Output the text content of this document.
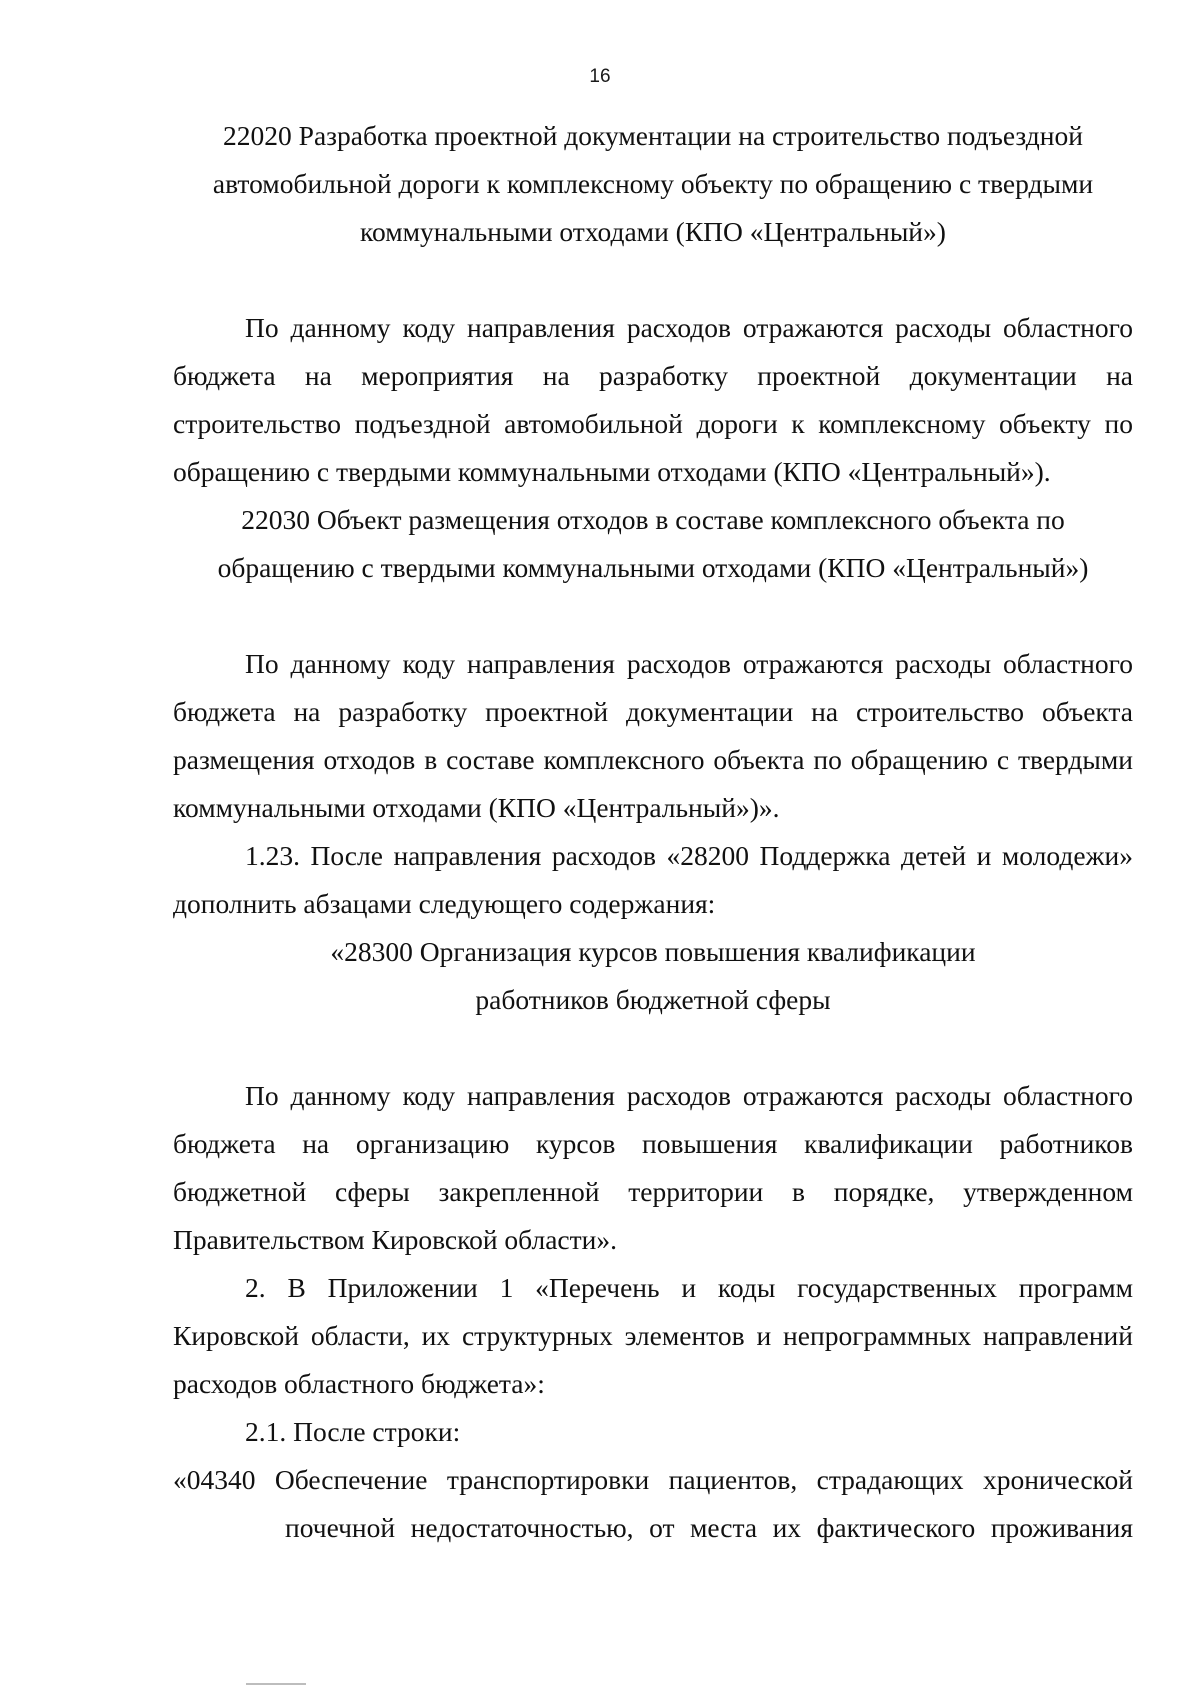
16

22020 Разработка проектной документации на строительство подъездной
автомобильной дороги к комплексному объекту по обращению с твердыми
коммунальными отходами (КПО «Центральный»)

По данному коду направления расходов отражаются расходы областного бюджета на мероприятия на разработку проектной документации на строительство подъездной автомобильной дороги к комплексному объекту по обращению с твердыми коммунальными отходами (КПО «Центральный»).

22030 Объект размещения отходов в составе комплексного объекта по
обращению с твердыми коммунальными отходами (КПО «Центральный»)

По данному коду направления расходов отражаются расходы областного бюджета на разработку проектной документации на строительство объекта размещения отходов в составе комплексного объекта по обращению с твердыми коммунальными отходами (КПО «Центральный»)».

1.23. После направления расходов «28200 Поддержка детей и молодежи» дополнить абзацами следующего содержания:

«28300 Организация курсов повышения квалификации
работников бюджетной сферы

По данному коду направления расходов отражаются расходы областного бюджета на организацию курсов повышения квалификации работников бюджетной сферы закрепленной территории в порядке, утвержденном Правительством Кировской области».

2. В Приложении 1 «Перечень и коды государственных программ Кировской области, их структурных элементов и непрограммных направлений расходов областного бюджета»:

2.1. После строки:

«04340 Обеспечение транспортировки пациентов, страдающих хронической
почечной недостаточностью, от места их фактического проживания
